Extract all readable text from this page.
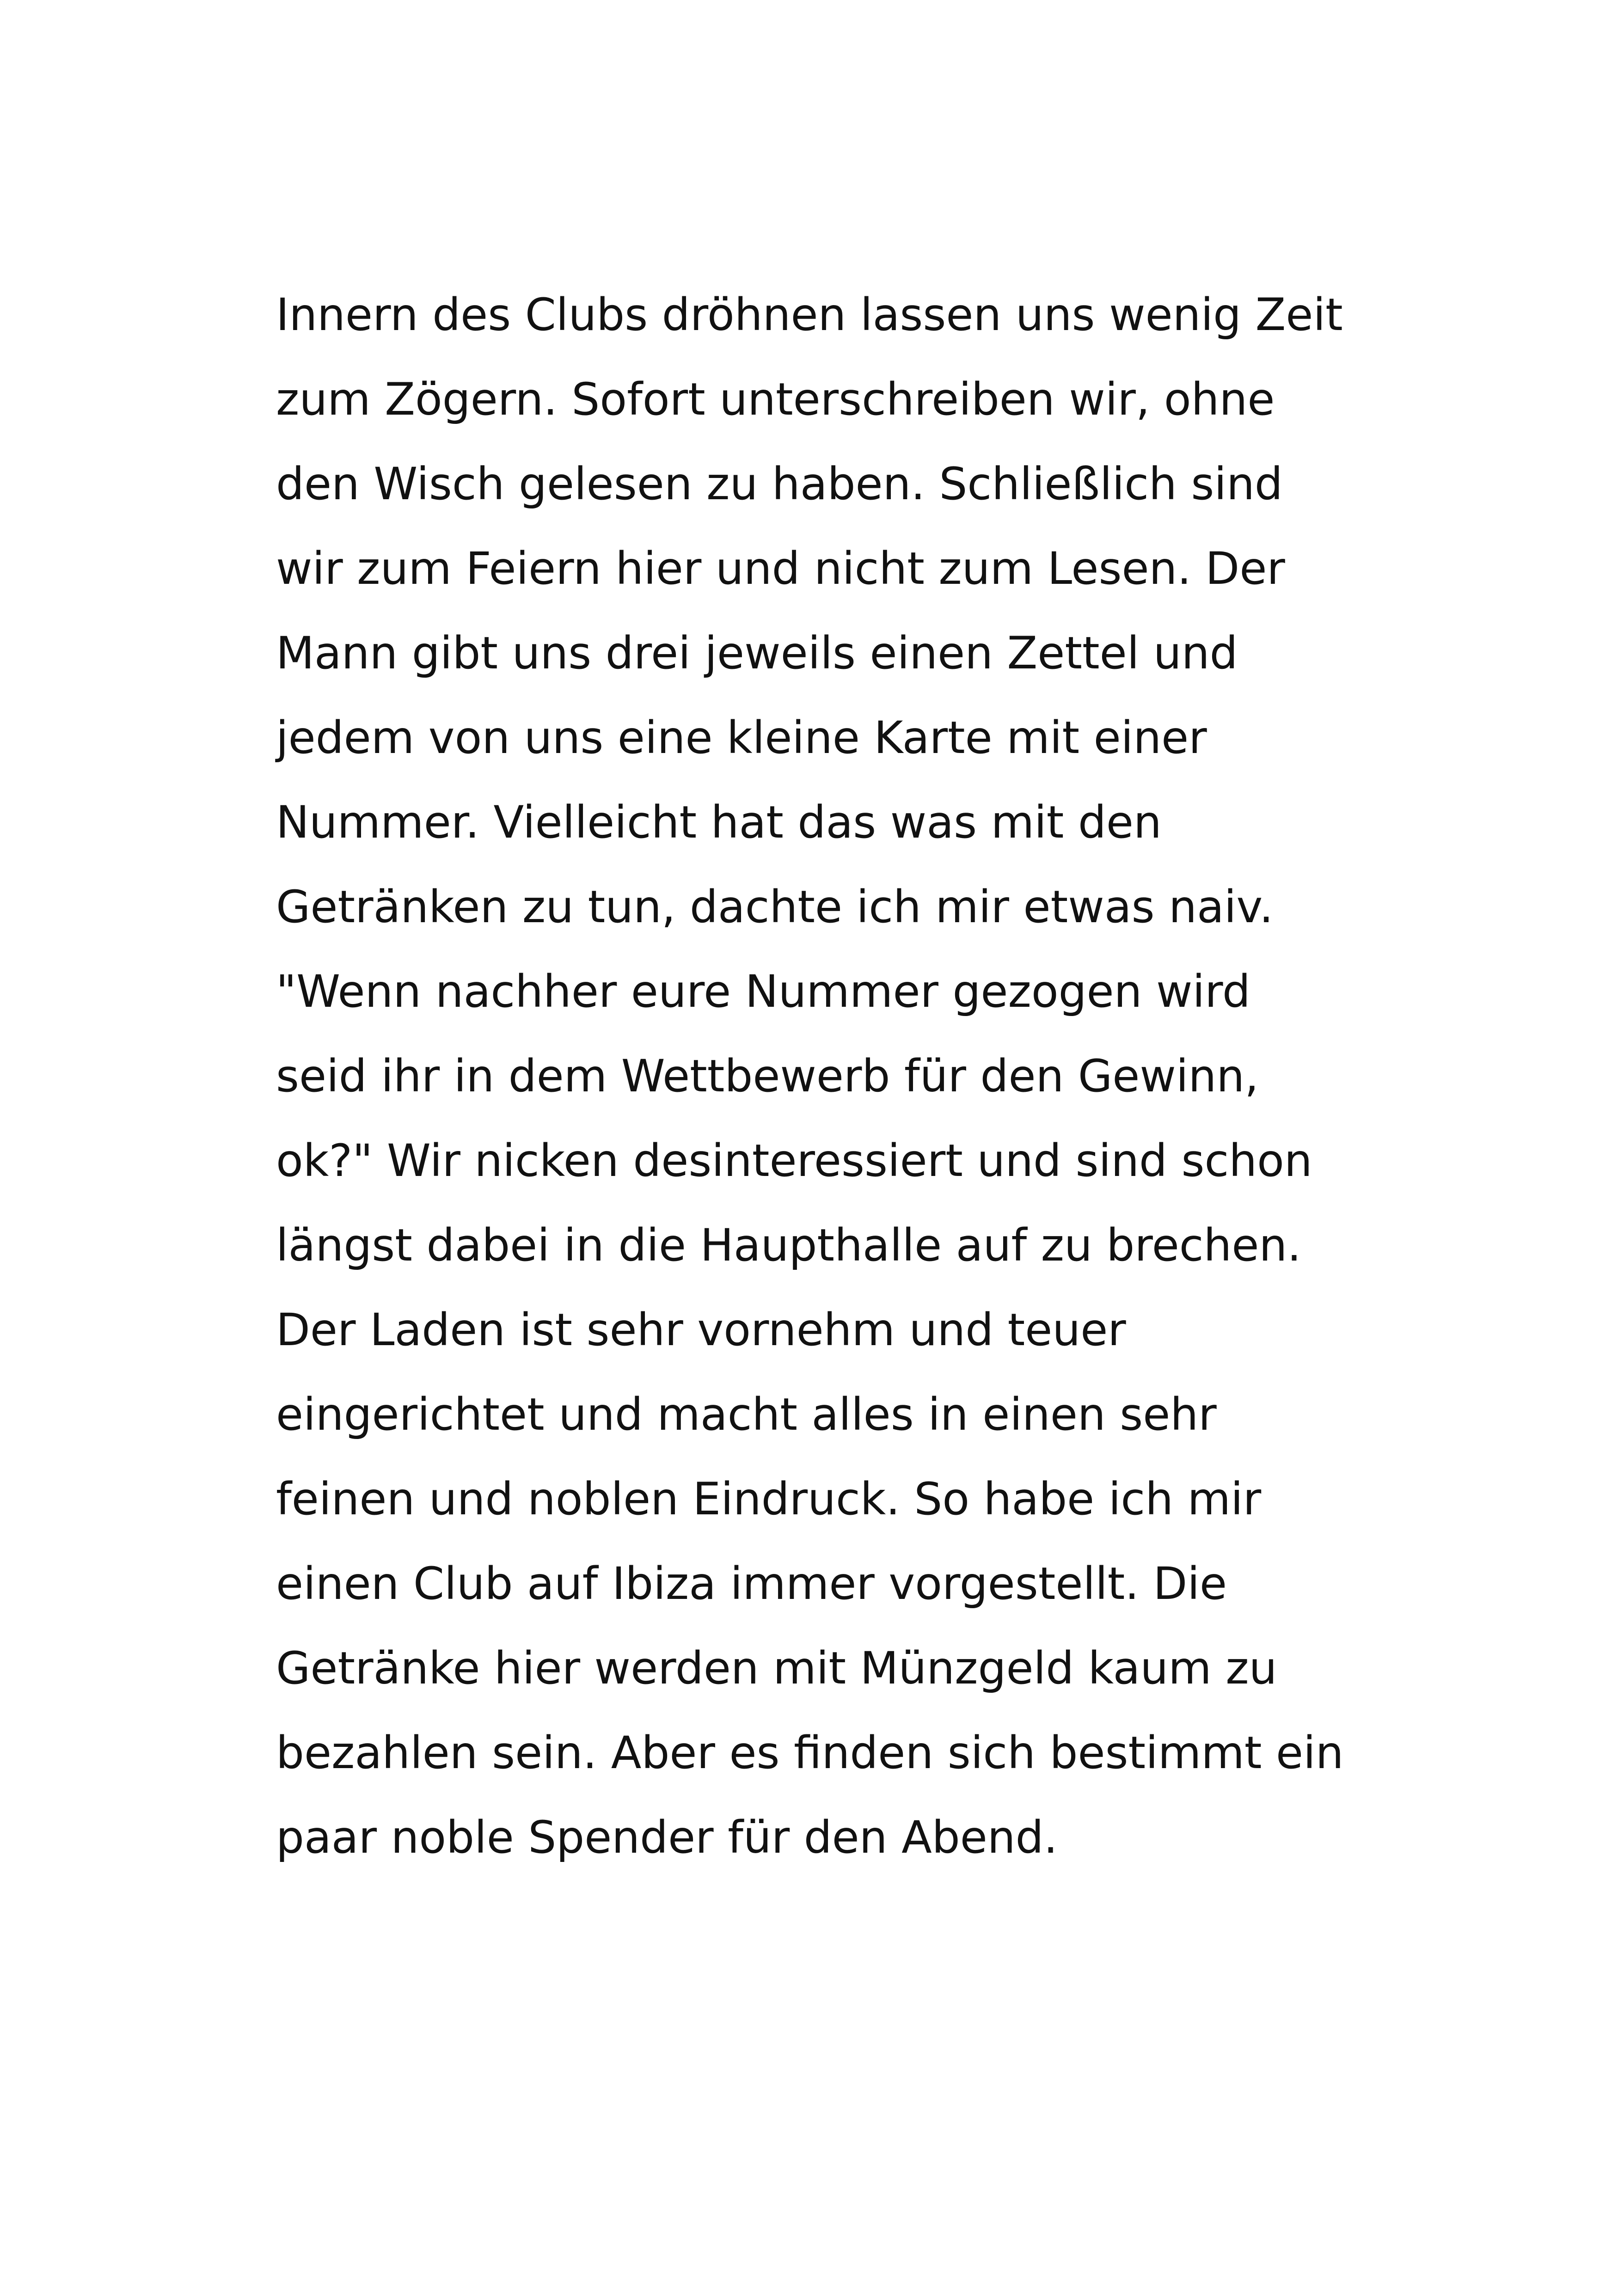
Innern des Clubs dröhnen lassen uns wenig Zeit
zum Zögern. Sofort unterschreiben wir, ohne
den Wisch gelesen zu haben. Schließlich sind
wir zum Feiern hier und nicht zum Lesen. Der
Mann gibt uns drei jeweils einen Zettel und
jedem von uns eine kleine Karte mit einer
Nummer. Vielleicht hat das was mit den
Getränken zu tun, dachte ich mir etwas naiv.
"Wenn nachher eure Nummer gezogen wird
seid ihr in dem Wettbewerb für den Gewinn,
ok?" Wir nicken desinteressiert und sind schon
längst dabei in die Haupthalle auf zu brechen.
Der Laden ist sehr vornehm und teuer
eingerichtet und macht alles in einen sehr
feinen und noblen Eindruck. So habe ich mir
einen Club auf Ibiza immer vorgestellt. Die
Getränke hier werden mit Münzgeld kaum zu
bezahlen sein. Aber es finden sich bestimmt ein
paar noble Spender für den Abend.
